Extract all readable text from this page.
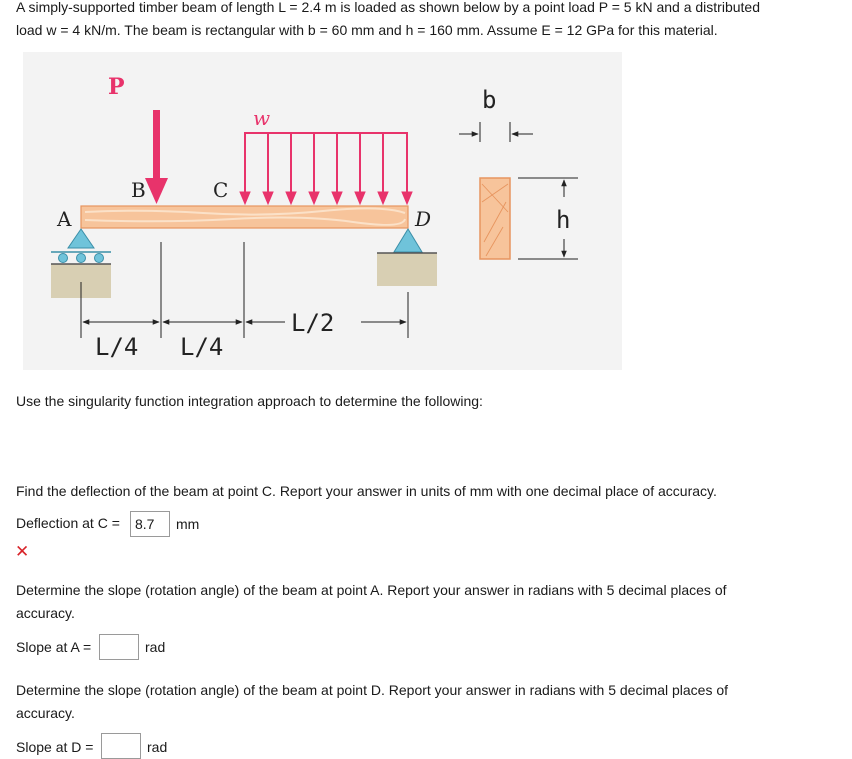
A simply-supported timber beam of length L = 2.4 m is loaded as shown below by a point load P = 5 kN and a distributed
load w = 4 kN/m. The beam is rectangular with b = 60 mm and h = 160 mm. Assume E = 12 GPa for this material.
P
w
A
B	C
D
L/4 L/4
L/2
b
h
Use the singularity function integration approach to determine the following:
Find the deflection of the beam at point C. Report your answer in units of mm with one decimal place of accuracy.
Deflection at C =
8.7	mm
✕
Determine the slope (rotation angle) of the beam at point A. Report your answer in radians with 5 decimal places of
accuracy.
Slope at A =	rad
Determine the slope (rotation angle) of the beam at point D. Report your answer in radians with 5 decimal places of
accuracy.
Slope at D =	rad
